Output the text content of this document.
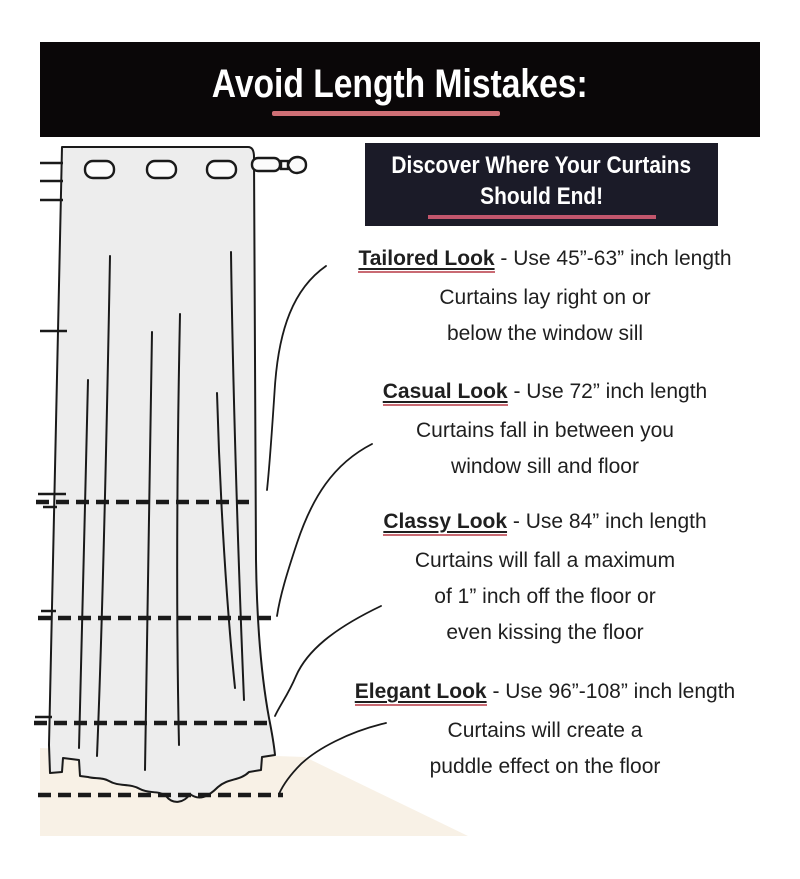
Avoid Length Mistakes:
Discover Where Your Curtains
Should End!
Tailored Look - Use 45”-63” inch length
Curtains lay right on or
below the window sill
Casual Look - Use 72” inch length
Curtains fall in between you
window sill and floor
Classy Look - Use 84” inch length
Curtains will fall a maximum
of 1” inch off the floor or
even kissing the floor
Elegant Look - Use 96”-108” inch length
Curtains will create a
puddle effect on the floor
